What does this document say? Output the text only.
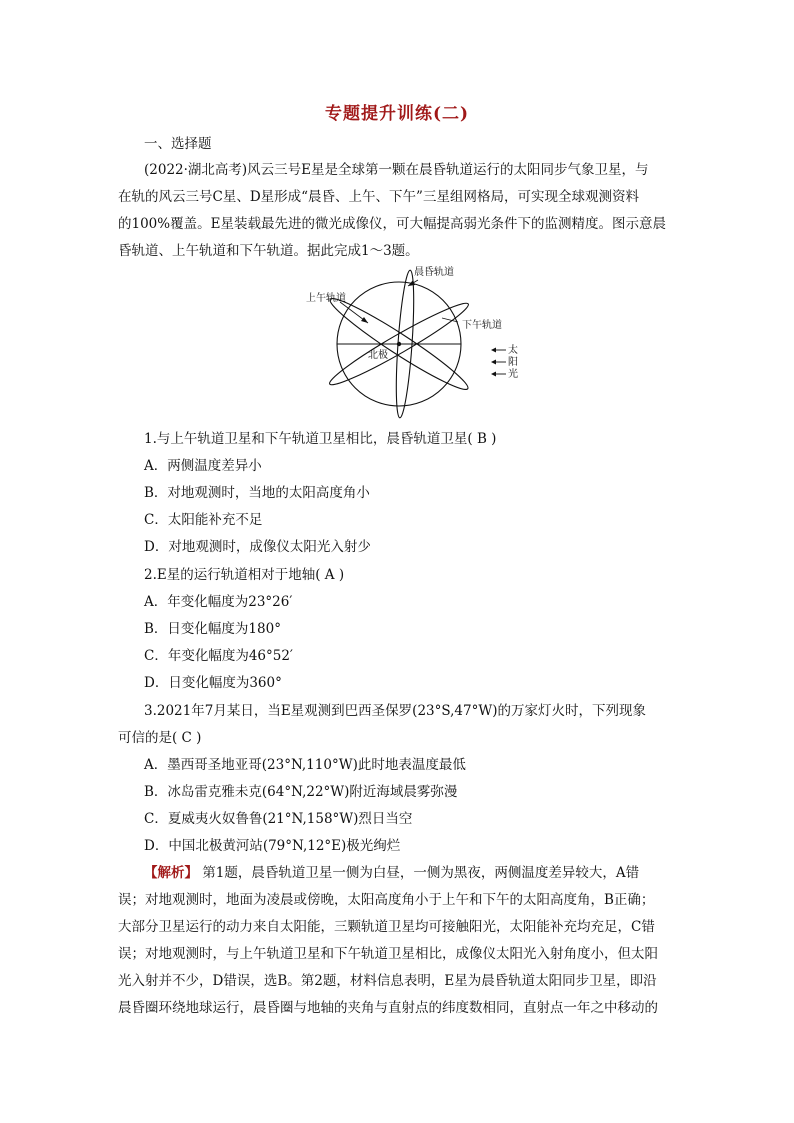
专题提升训练(二)
一、选择题
(2022·湖北高考)风云三号E星是全球第一颗在晨昏轨道运行的太阳同步气象卫星，与
在轨的风云三号C星、D星形成“晨昏、上午、下午”三星组网格局，可实现全球观测资料
的100%覆盖。E星装载最先进的微光成像仪，可大幅提高弱光条件下的监测精度。图示意晨
昏轨道、上午轨道和下午轨道。据此完成1～3题。
晨昏轨道
上午轨道
下午轨道
北极	太
阳
光
1.与上午轨道卫星和下午轨道卫星相比，晨昏轨道卫星( B )
A．两侧温度差异小
B．对地观测时，当地的太阳高度角小
C．太阳能补充不足
D．对地观测时，成像仪太阳光入射少
2.E星的运行轨道相对于地轴( A )
A．年变化幅度为23°26′
B．日变化幅度为180°
C．年变化幅度为46°52′
D．日变化幅度为360°
3.2021年7月某日，当E星观测到巴西圣保罗(23°S,47°W)的万家灯火时，下列现象
可信的是( C )
A．墨西哥圣地亚哥(23°N,110°W)此时地表温度最低
B．冰岛雷克雅未克(64°N,22°W)附近海域晨雾弥漫
C．夏威夷火奴鲁鲁(21°N,158°W)烈日当空
D．中国北极黄河站(79°N,12°E)极光绚烂
【解析】 第1题，晨昏轨道卫星一侧为白昼，一侧为黑夜，两侧温度差异较大，A错
误；对地观测时，地面为凌晨或傍晚，太阳高度角小于上午和下午的太阳高度角，B正确；
大部分卫星运行的动力来自太阳能，三颗轨道卫星均可接触阳光，太阳能补充均充足，C错
误；对地观测时，与上午轨道卫星和下午轨道卫星相比，成像仪太阳光入射角度小，但太阳
光入射并不少，D错误，选B。第2题，材料信息表明，E星为晨昏轨道太阳同步卫星，即沿
晨昏圈环绕地球运行，晨昏圈与地轴的夹角与直射点的纬度数相同，直射点一年之中移动的
